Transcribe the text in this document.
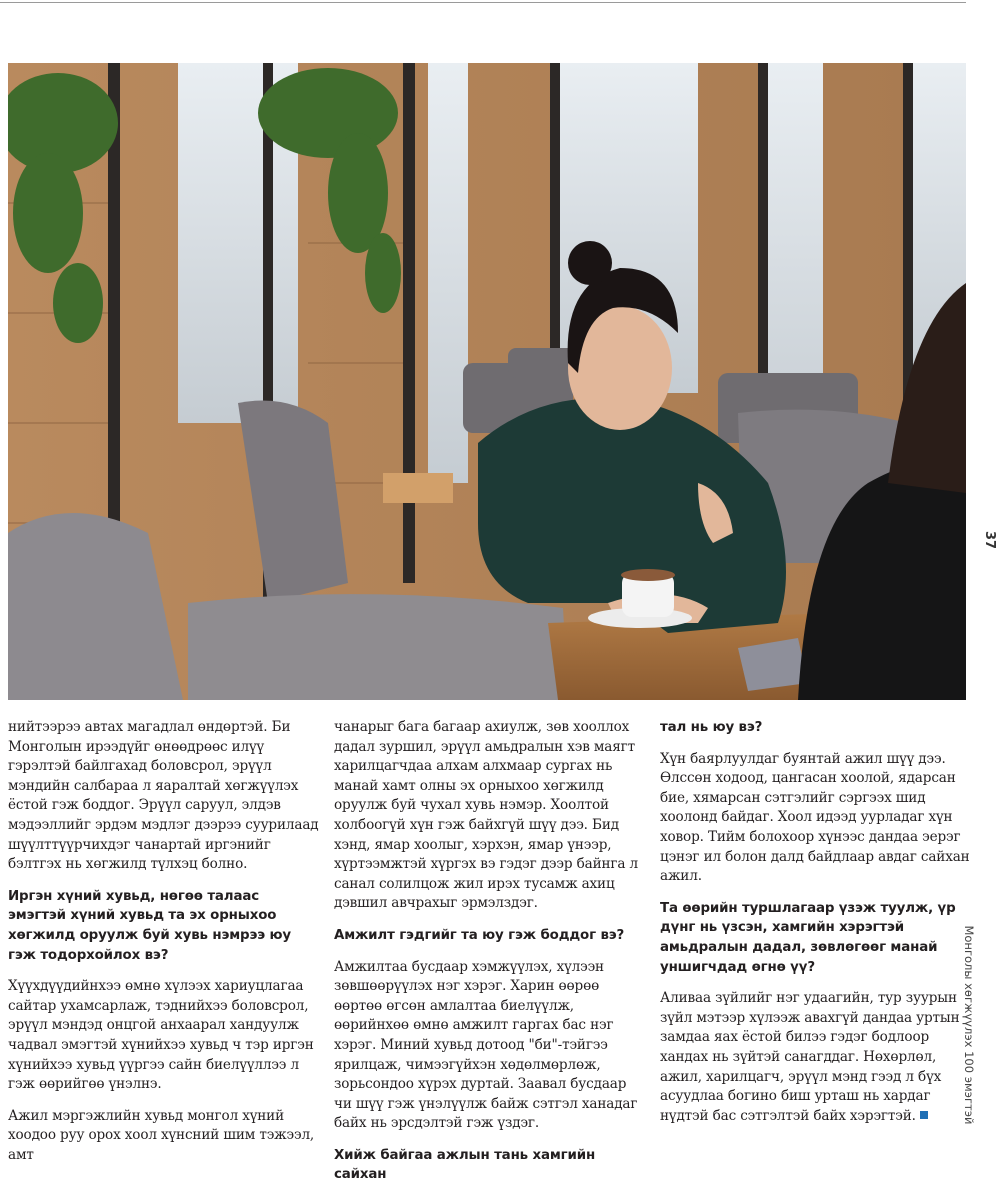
нийтээрээ автах магадлал өндөртэй. Би Монголын ирээдүйг өнөөдрөөс илүү гэрэлтэй байлгахад боловсрол, эрүүл мэндийн салбараа л яаралтай хөгжүүлэх ёстой гэж боддог. Эрүүл саруул, элдэв мэдээллийг эрдэм мэдлэг дээрээ суурилаад шүүлттүүрчихдэг чанартай иргэнийг бэлтгэх нь хөгжилд түлхэц болно.

Иргэн хүний хувьд, нөгөө талаас эмэгтэй хүний хувьд та эх орныхоо хөгжилд оруулж буй хувь нэмрээ юу гэж тодорхойлох вэ?

Хүүхдүүдийнхээ өмнө хүлээх хариуцлагаа сайтар ухамсарлаж, тэднийхээ боловсрол, эрүүл мэндэд онцгой анхаарал хандуулж чадвал эмэгтэй хүнийхээ хувьд ч тэр иргэн хүнийхээ хувьд үүргээ сайн биелүүллээ л гэж өөрийгөө үнэлнэ.

Ажил мэргэжлийн хувьд монгол хүний хоодоо руу орох хоол хүнсний шим тэжээл, амт

чанарыг бага багаар ахиулж, зөв хооллох дадал зуршил, эрүүл амьдралын хэв маягт харилцагчдаа алхам алхмаар сургах нь манай хамт олны эх орныхоо хөгжилд оруулж буй чухал хувь нэмэр. Хоолтой холбоогүй хүн гэж байхгүй шүү дээ. Бид хэнд, ямар хоолыг, хэрхэн, ямар үнээр, хүртээмжтэй хүргэх вэ гэдэг дээр байнга л санал солилцож жил ирэх тусамж ахиц дэвшил авчрахыг эрмэлздэг.

Амжилт гэдгийг та юу гэж боддог вэ?

Амжилтаа бусдаар хэмжүүлэх, хүлээн зөвшөөрүүлэх нэг хэрэг. Харин өөрөө өөртөө өгсөн амлалтаа биелүүлж, өөрийнхөө өмнө амжилт гаргах бас нэг хэрэг. Миний хувьд дотоод "би"-тэйгээ ярилцаж, чимээгүйхэн хөдөлмөрлөж, зорьсондоо хүрэх дуртай. Заавал бусдаар чи шүү гэж үнэлүүлж байж сэтгэл ханадаг байх нь эрсдэлтэй гэж үздэг.

Хийж байгаа ажлын тань хамгийн сайхан
тал нь юу вэ?

Хүн баярлуулдаг буянтай ажил шүү дээ. Өлссөн ходоод, цангасан хоолой, ядарсан бие, хямарсан сэтгэлийг сэргээх шид хоолонд байдаг. Хоол идээд уурладаг хүн ховор. Тийм болохоор хүнээс дандаа эерэг цэнэг ил болон далд байдлаар авдаг сайхан ажил.

Та өөрийн туршлагаар үзэж туулж, үр дүнг нь үзсэн, хамгийн хэрэгтэй амьдралын дадал, зөвлөгөөг манай уншигчдад өгнө үү?

Аливаа зүйлийг нэг удаагийн, тур зуурын зүйл мэтээр хүлээж авахгүй дандаа уртын замдаа яах ёстой билээ гэдэг бодлоор хандах нь зүйтэй санагддаг. Нөхөрлөл, ажил, харилцагч, эрүүл мэнд гээд л бүх асуудлаа богино биш урташ нь хардаг нүдтэй бас сэтгэлтэй байх хэрэгтэй.

37
Монголы хөгжүүлэх 100 эмэгтэй
